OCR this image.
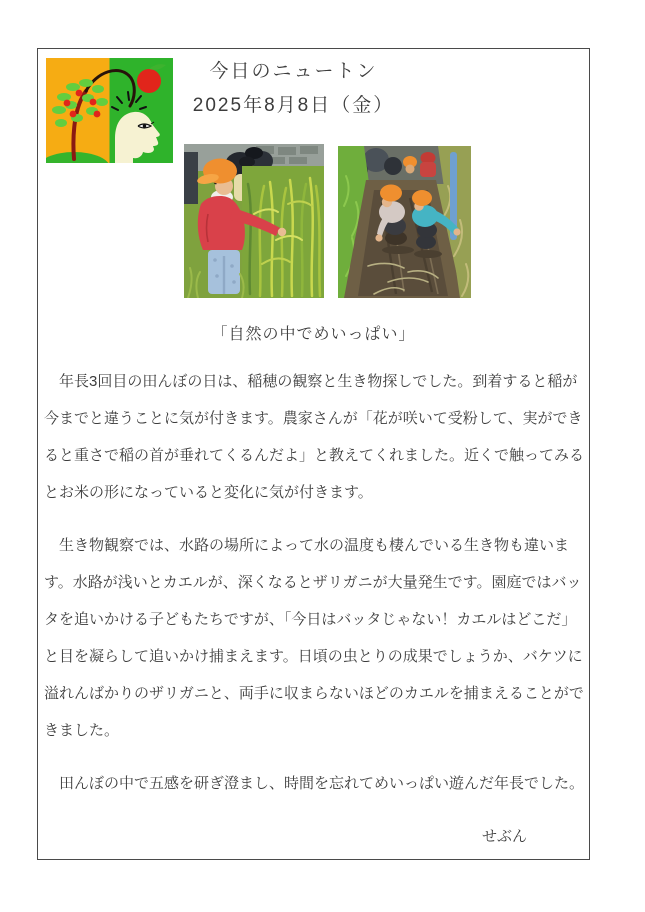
今日のニュートン
2025年8月8日（金）
「自然の中でめいっぱい」

　年長3回目の田んぼの日は、稲穂の観察と生き物探しでした。到着すると稲が今までと違うことに気が付きます。農家さんが「花が咲いて受粉して、実ができると重さで稲の首が垂れてくるんだよ」と教えてくれました。近くで触ってみるとお米の形になっていると変化に気が付きます。

　生き物観察では、水路の場所によって水の温度も棲んでいる生き物も違います。水路が浅いとカエルが、深くなるとザリガニが大量発生です。園庭ではバッタを追いかける子どもたちですが、「今日はバッタじゃない！カエルはどこだ」と目を凝らして追いかけ捕まえます。日頃の虫とりの成果でしょうか、バケツに溢れんばかりのザリガニと、両手に収まらないほどのカエルを捕まえることができました。

　田んぼの中で五感を研ぎ澄まし、時間を忘れてめいっぱい遊んだ年長でした。

せぶん
